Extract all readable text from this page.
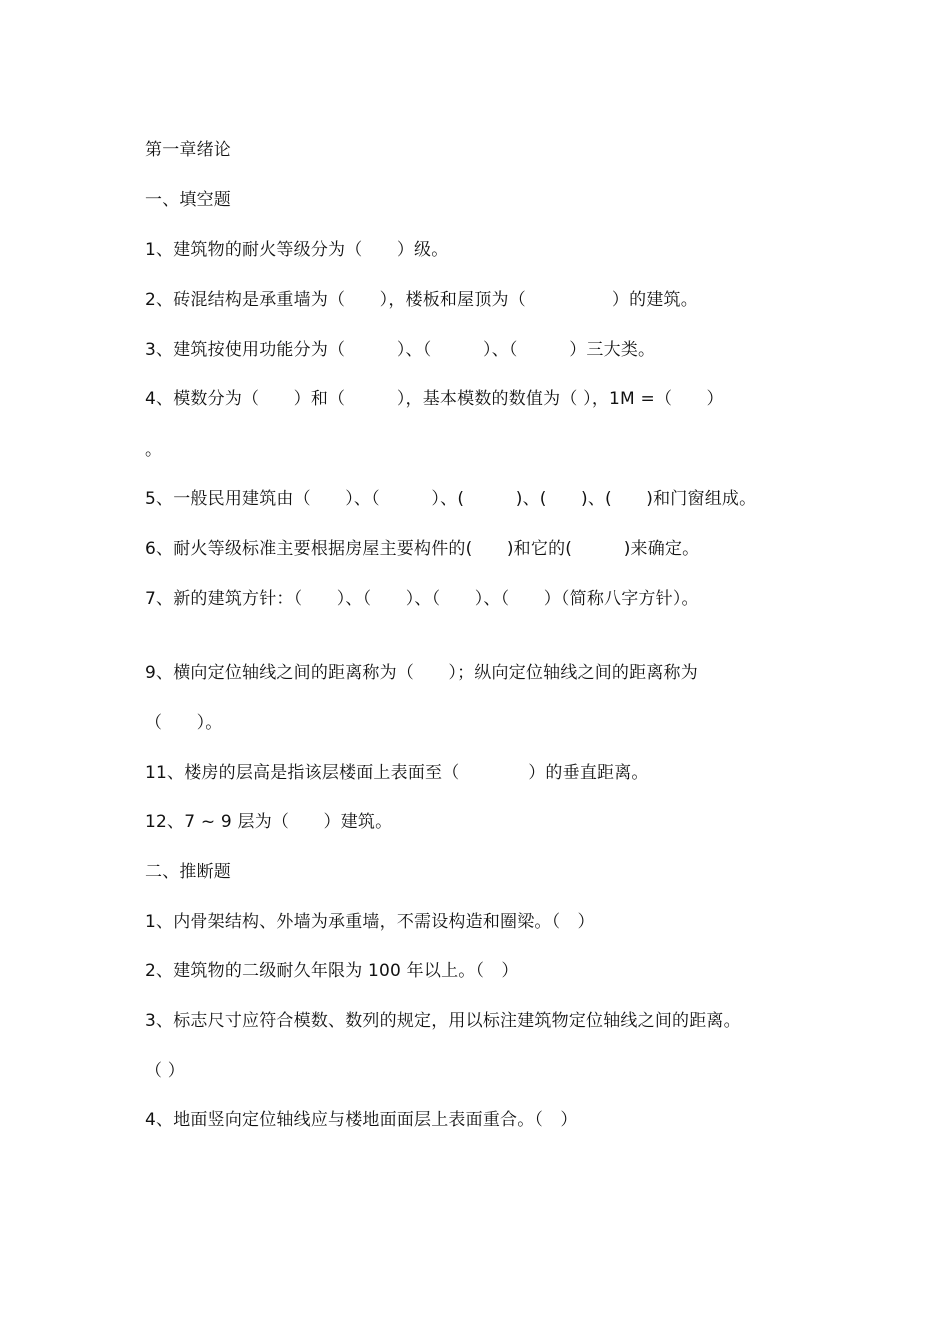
第一章绪论
一、填空题
1、建筑物的耐火等级分为（　　）级。
2、砖混结构是承重墙为（　　），楼板和屋顶为（　　　　　）的建筑。
3、建筑按使用功能分为（　　　）、（　　　）、（　　　）三大类。
4、模数分为（　　）和（　　　），基本模数的数值为（ ），1M =（　　）
。
5、一般民用建筑由（　　）、（　　　）、(　　　)、(　　)、(　　)和门窗组成。
6、耐火等级标准主要根据房屋主要构件的(　　)和它的(　　　)来确定。
7、新的建筑方针：（　　）、（　　）、（　　）、（　　）（简称八字方针）。
9、横向定位轴线之间的距离称为（　　）；纵向定位轴线之间的距离称为
（　　）。
11、楼房的层高是指该层楼面上表面至（　　　　）的垂直距离。
12、7 ~ 9 层为（　　）建筑。
二、推断题
1、内骨架结构、外墙为承重墙，不需设构造和圈梁。（　）
2、建筑物的二级耐久年限为 100 年以上。（　）
3、标志尺寸应符合模数、数列的规定，用以标注建筑物定位轴线之间的距离。
（ ）
4、地面竖向定位轴线应与楼地面面层上表面重合。（　）
